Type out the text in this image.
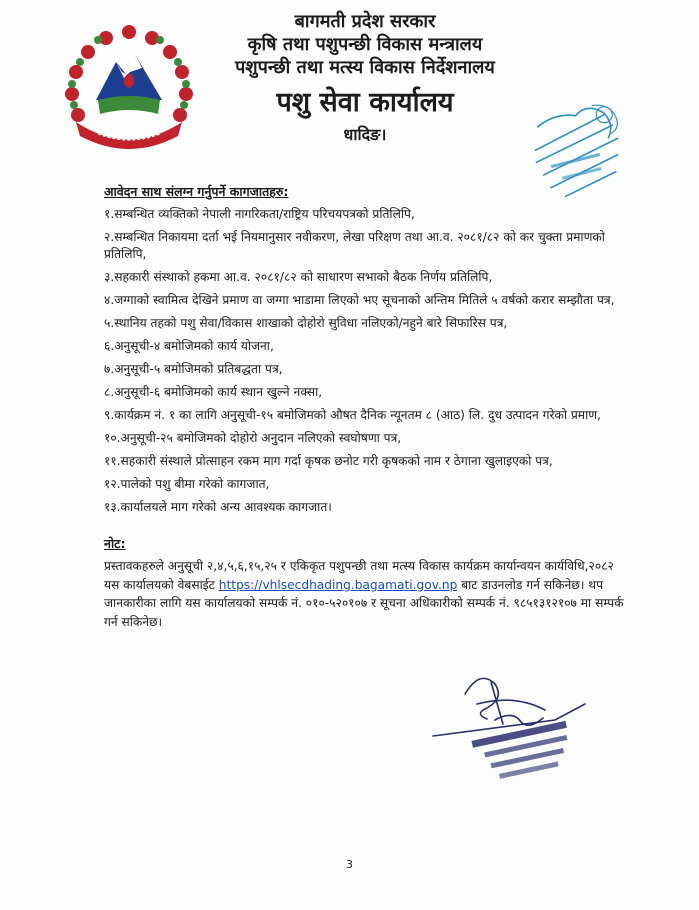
बागमती प्रदेश सरकार
कृषि तथा पशुपन्छी विकास मन्त्रालय
पशुपन्छी तथा मत्स्य विकास निर्देशनालय
पशु सेवा कार्यालय
धादिङ।
आवेदन साथ संलग्न गर्नुपर्ने कागजातहरु:
१.सम्बन्धित व्यक्तिको नेपाली नागरिकता/राष्ट्रिय परिचयपत्रको प्रतिलिपि,
२.सम्बन्धित निकायमा दर्ता भई नियमानुसार नवीकरण, लेखा परिक्षण तथा आ.व. २०८१/८२ को कर चुक्ता प्रमाणको प्रतिलिपि,
३.सहकारी संस्थाको हकमा आ.व. २०८१/८२ को साधारण सभाको बैठक निर्णय प्रतिलिपि,
४.जग्गाको स्वामित्व देखिने प्रमाण वा जग्गा भाडामा लिएको भए सूचनाको अन्तिम मितिले ५ वर्षको करार सम्झौता पत्र,
५.स्थानिय तहको पशु सेवा/विकास शाखाको दोहोरो सुविधा नलिएको/नहुने बारे सिफारिस पत्र,
६.अनुसूची-४ बमोजिमको कार्य योजना,
७.अनुसूची-५ बमोजिमको प्रतिबद्धता पत्र,
८.अनुसूची-६ बमोजिमको कार्य स्थान खुल्ने नक्सा,
९.कार्यक्रम नं. १ का लागि अनुसूची-१५ बमोजिमको औषत दैनिक न्यूनतम ८ (आठ) लि. दुध उत्पादन गरेको प्रमाण,
१०.अनुसूची-२५ बमोजिमको दोहोरो अनुदान नलिएको स्वघोषणा पत्र,
११.सहकारी संस्थाले प्रोत्साहन रकम माग गर्दा कृषक छनोट गरी कृषकको नाम र ठेगाना खुलाइएको पत्र,
१२.पालेको पशु बीमा गरेको कागजात,
१३.कार्यालयले माग गरेको अन्य आवश्यक कागजात।
नोट:
प्रस्तावकहरुले अनुसूची २,४,५,६,१५,२५ र एकिकृत पशुपन्छी तथा मत्स्य विकास कार्यक्रम कार्यान्वयन कार्यविधि,२०८२ यस कार्यालयको वेबसाईट https://vhlsecdhading.bagamati.gov.np बाट डाउनलोड गर्न सकिनेछ। थप जानकारीका लागि यस कार्यालयको सम्पर्क नं. ०१०-५२०१०७ र सूचना अधिकारीको सम्पर्क नं. ९८५१३१२१०७ मा सम्पर्क गर्न सकिनेछ।
3
